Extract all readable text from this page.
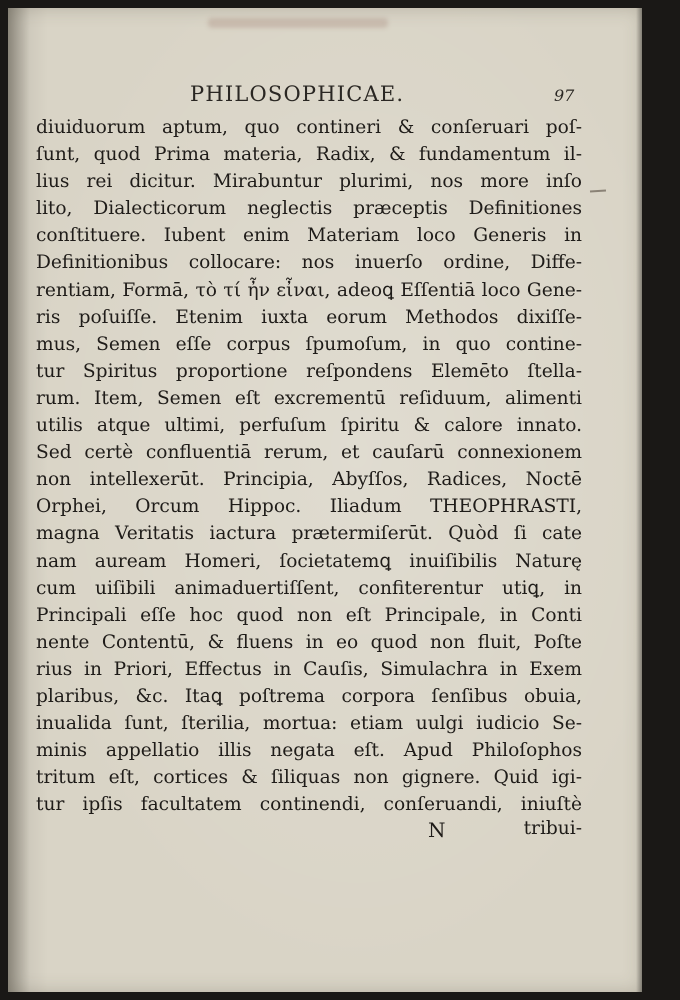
PHILOSOPHICAE.	97
diuiduorum aptum, quo contineri & conſeruari poſ-
ſunt, quod Prima materia, Radix, & fundamentum il-
lius rei dicitur. Mirabuntur plurimi, nos more inſo
lito, Dialecticorum neglectis præceptis Definitiones
conſtituere. Iubent enim Materiam loco Generis in
Definitionibus collocare: nos inuerſo ordine, Diffe-
rentiam, Formā, τὸ τί ἦν εἶναι, adeoꝗ Eſſentiā loco Gene-
ris poſuiſſe. Etenim iuxta eorum Methodos dixiſſe-
mus, Semen eſſe corpus ſpumoſum, in quo contine-
tur Spiritus proportione reſpondens Elemēto ſtella-
rum. Item, Semen eſt excrementū reſiduum, alimenti
utilis atque ultimi, perfuſum ſpiritu & calore innato.
Sed certè confluentiā rerum, et cauſarū connexionem
non intellexerūt. Principia, Abyſſos, Radices, Noctē
Orphei, Orcum Hippoc. Iliadum THEOPHRASTI,
magna Veritatis iactura prætermiſerūt. Quòd ſi cate
nam auream Homeri, ſocietatemꝗ inuiſibilis Naturę
cum uiſibili animaduertiſſent, confiterentur utiꝗ, in
Principali eſſe hoc quod non eſt Principale, in Conti
nente Contentū, & fluens in eo quod non fluit, Poſte
rius in Priori, Effectus in Cauſis, Simulachra in Exem
plaribus, &c. Itaꝗ poſtrema corpora ſenſibus obuia,
inualida ſunt, ſterilia, mortua: etiam uulgi iudicio Se-
minis appellatio illis negata eſt. Apud Philoſophos
tritum eſt, cortices & ſiliquas non gignere. Quid igi-
tur ipſis facultatem continendi, conſeruandi, iniuſtè
N	tribui-
